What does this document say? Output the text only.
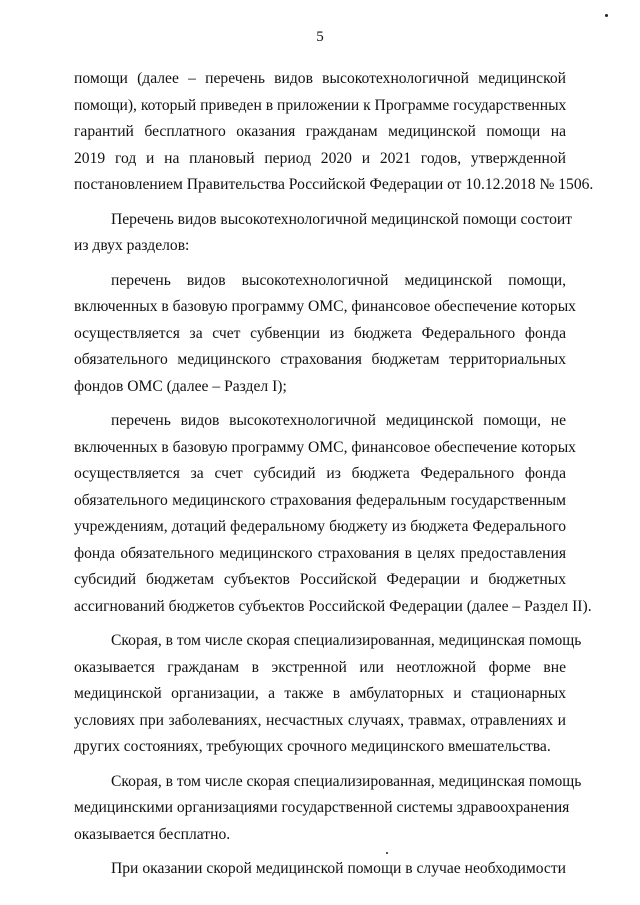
5
помощи (далее – перечень видов высокотехнологичной медицинской
помощи), который приведен в приложении к Программе государственных
гарантий бесплатного оказания гражданам медицинской помощи на
2019 год и на плановый период 2020 и 2021 годов, утвержденной
постановлением Правительства Российской Федерации от 10.12.2018 № 1506.
Перечень видов высокотехнологичной медицинской помощи состоит
из двух разделов:
перечень видов высокотехнологичной медицинской помощи,
включенных в базовую программу ОМС, финансовое обеспечение которых
осуществляется за счет субвенции из бюджета Федерального фонда
обязательного медицинского страхования бюджетам территориальных
фондов ОМС (далее – Раздел I);
перечень видов высокотехнологичной медицинской помощи, не
включенных в базовую программу ОМС, финансовое обеспечение которых
осуществляется за счет субсидий из бюджета Федерального фонда
обязательного медицинского страхования федеральным государственным
учреждениям, дотаций федеральному бюджету из бюджета Федерального
фонда обязательного медицинского страхования в целях предоставления
субсидий бюджетам субъектов Российской Федерации и бюджетных
ассигнований бюджетов субъектов Российской Федерации (далее – Раздел II).
Скорая, в том числе скорая специализированная, медицинская помощь
оказывается гражданам в экстренной или неотложной форме вне
медицинской организации, а также в амбулаторных и стационарных
условиях при заболеваниях, несчастных случаях, травмах, отравлениях и
других состояниях, требующих срочного медицинского вмешательства.
Скорая, в том числе скорая специализированная, медицинская помощь
медицинскими организациями государственной системы здравоохранения
оказывается бесплатно.
При оказании скорой медицинской помощи в случае необходимости
